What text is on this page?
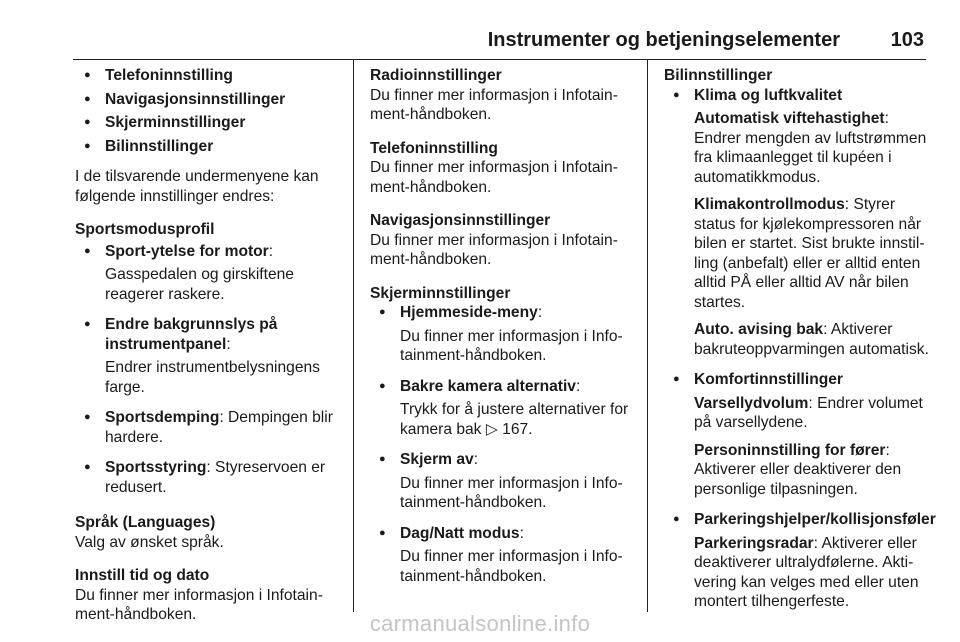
Instrumenter og betjeningselementer	103
● Telefoninnstilling
● Navigasjonsinnstillinger
● Skjerminnstillinger
● Bilinnstillinger

I de tilsvarende undermenyene kan følgende innstillinger endres:

Sportsmodusprofil

● Sport-ytelse for motor:

Gasspedalen og girskiftene reagerer raskere.

● Endre bakgrunnslys på instrumentpanel:

Endrer instrumentbelysningens farge.

● Sportsdemping: Dempingen blir hardere.
● Sportsstyring: Styreservoen er redusert.

Språk (Languages)

Valg av ønsket språk.

Innstill tid og dato

Du finner mer informasjon i Infotainment-håndboken.

Radioinnstillinger

Du finner mer informasjon i Infotainment-håndboken.

Telefoninnstilling

Du finner mer informasjon i Infotainment-håndboken.

Navigasjonsinnstillinger

Du finner mer informasjon i Infotainment-håndboken.

Skjerminnstillinger

● Hjemmeside-meny:

Du finner mer informasjon i Infotainment-håndboken.

● Bakre kamera alternativ:

Trykk for å justere alternativer for kamera bak ▷ 167.

● Skjerm av:

Du finner mer informasjon i Infotainment-håndboken.

● Dag/Natt modus:

Du finner mer informasjon i Infotainment-håndboken.

Bilinnstillinger

● Klima og luftkvalitet

Automatisk viftehastighet:
Endrer mengden av luftstrømmen fra klimaanlegget til kupéen i automatikkmodus.

Klimakontrollmodus: Styrer status for kjølekompressoren når bilen er startet. Sist brukte innstilling (anbefalt) eller er alltid enten alltid PÅ eller alltid AV når bilen startes.

Auto. avising bak: Aktiverer bakruteoppvarmingen automatisk.

● Komfortinnstillinger

Varsellydvolum: Endrer volumet på varsellydene.

Personinnstilling for fører: Aktiverer eller deaktiverer den personlige tilpasningen.

● Parkeringshjelper/kollisjonsføler

Parkeringsradar: Aktiverer eller deaktiverer ultralydfølerne. Aktivering kan velges med eller uten montert tilhengerfeste.

carmanualsonline.info
